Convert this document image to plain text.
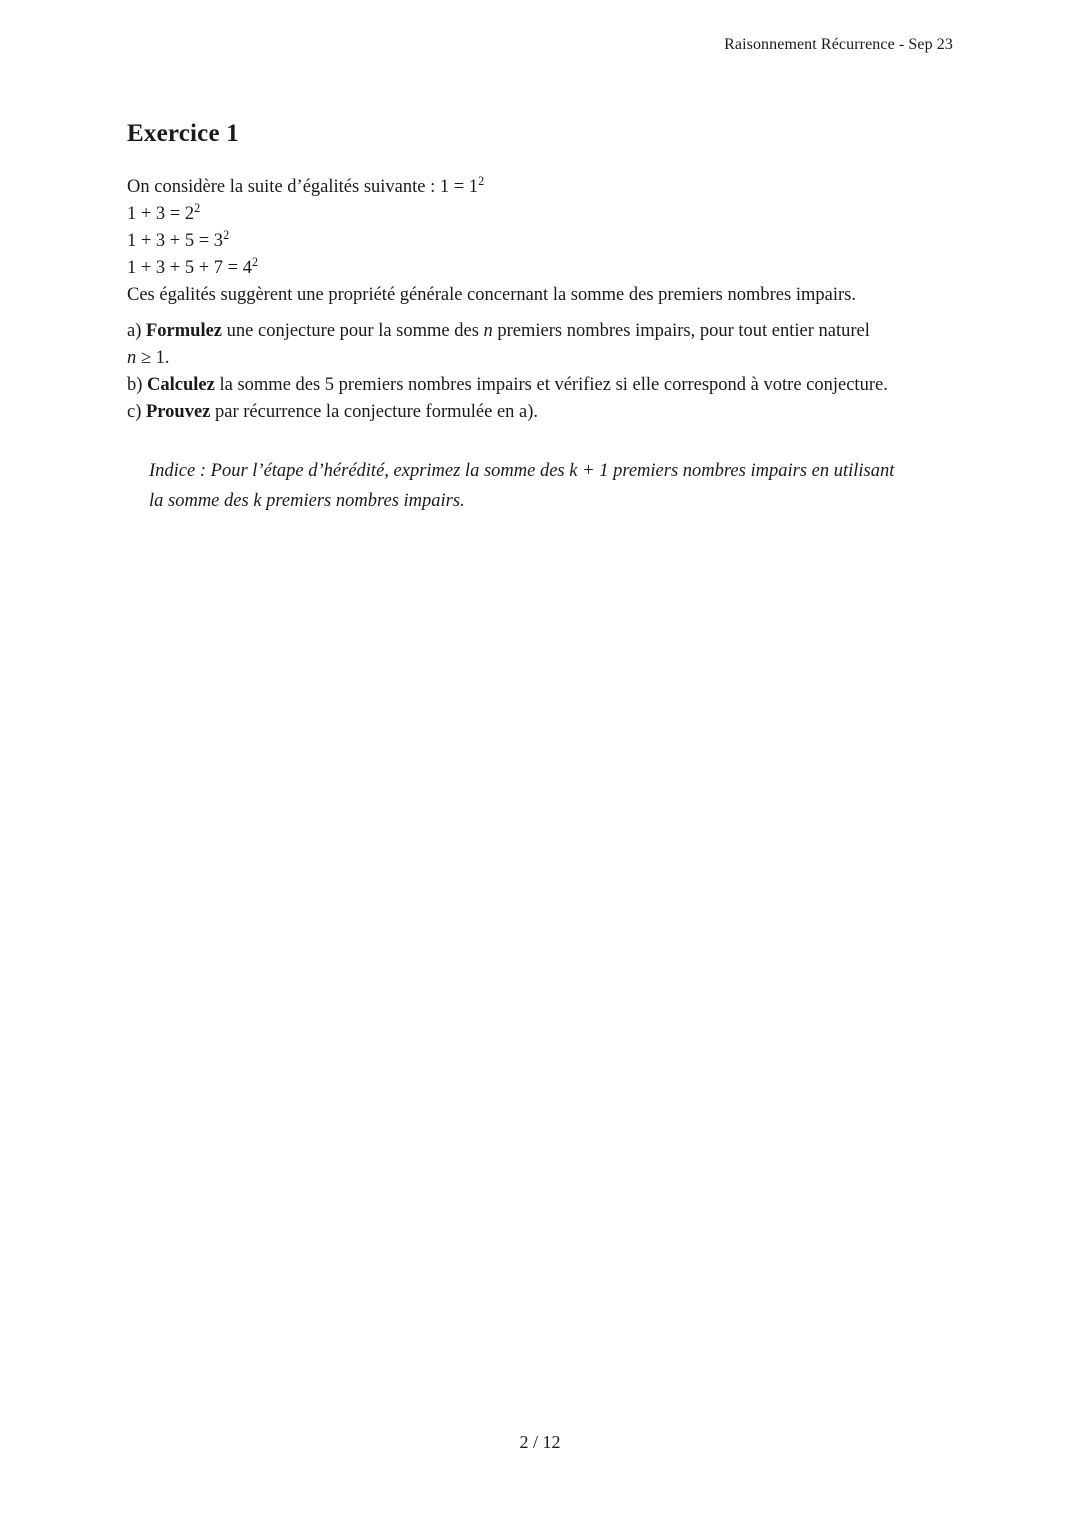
Raisonnement Récurrence - Sep 23
Exercice 1
On considère la suite d’égalités suivante : $1 = 1^2$
$1 + 3 = 2^2$
$1 + 3 + 5 = 3^2$
$1 + 3 + 5 + 7 = 4^2$
Ces égalités suggèrent une propriété générale concernant la somme des premiers nombres impairs.

a) Formulez une conjecture pour la somme des n premiers nombres impairs, pour tout entier naturel
n ≥ 1.

b) Calculez la somme des 5 premiers nombres impairs et vérifiez si elle correspond à votre conjecture.

c) Prouvez par récurrence la conjecture formulée en a).

Indice : Pour l’étape d’hérédité, exprimez la somme des k + 1 premiers nombres impairs en utilisant
la somme des k premiers nombres impairs.
2 / 12
